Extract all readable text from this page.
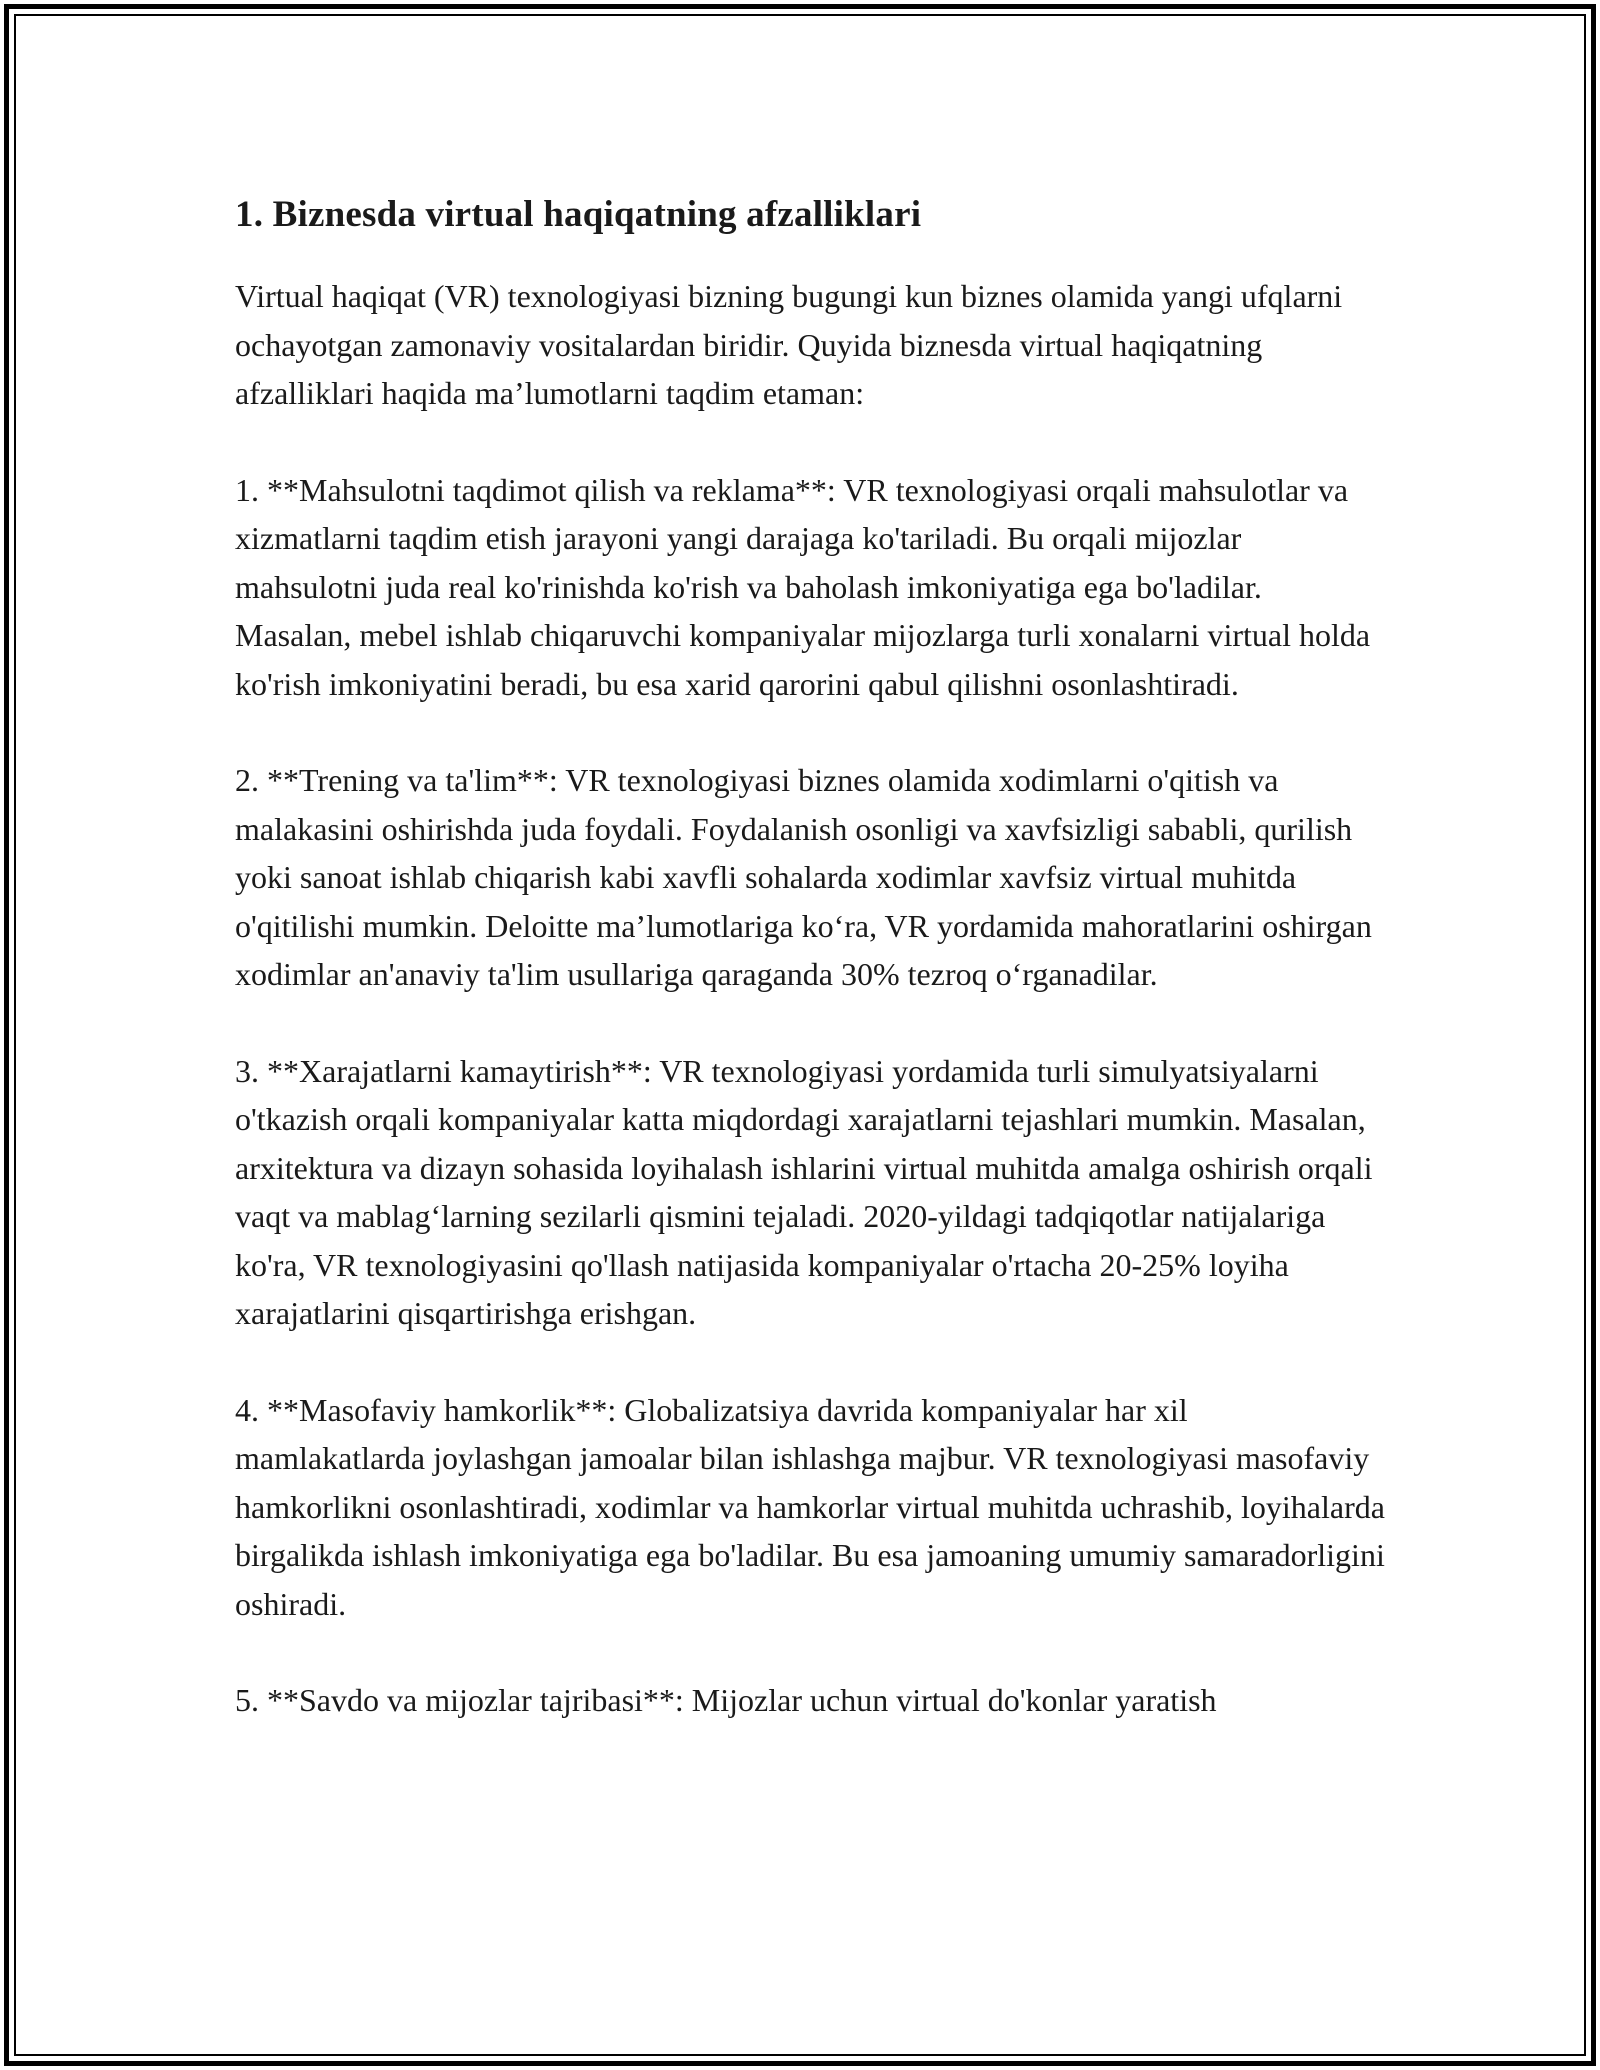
1. Biznesda virtual haqiqatning afzalliklari

Virtual haqiqat (VR) texnologiyasi bizning bugungi kun biznes olamida yangi ufqlarni ochayotgan zamonaviy vositalardan biridir. Quyida biznesda virtual haqiqatning afzalliklari haqida ma’lumotlarni taqdim etaman:

1. **Mahsulotni taqdimot qilish va reklama**: VR texnologiyasi orqali mahsulotlar va xizmatlarni taqdim etish jarayoni yangi darajaga ko'tariladi. Bu orqali mijozlar mahsulotni juda real ko'rinishda ko'rish va baholash imkoniyatiga ega bo'ladilar. Masalan, mebel ishlab chiqaruvchi kompaniyalar mijozlarga turli xonalarni virtual holda ko'rish imkoniyatini beradi, bu esa xarid qarorini qabul qilishni osonlashtiradi.

2. **Trening va ta'lim**: VR texnologiyasi biznes olamida xodimlarni o'qitish va malakasini oshirishda juda foydali. Foydalanish osonligi va xavfsizligi sababli, qurilish yoki sanoat ishlab chiqarish kabi xavfli sohalarda xodimlar xavfsiz virtual muhitda o'qitilishi mumkin. Deloitte ma’lumotlariga ko‘ra, VR yordamida mahoratlarini oshirgan xodimlar an'anaviy ta'lim usullariga qaraganda 30% tezroq o‘rganadilar.

3. **Xarajatlarni kamaytirish**: VR texnologiyasi yordamida turli simulyatsiyalarni o'tkazish orqali kompaniyalar katta miqdordagi xarajatlarni tejashlari mumkin. Masalan, arxitektura va dizayn sohasida loyihalash ishlarini virtual muhitda amalga oshirish orqali vaqt va mablag‘larning sezilarli qismini tejaladi. 2020-yildagi tadqiqotlar natijalariga ko'ra, VR texnologiyasini qo'llash natijasida kompaniyalar o'rtacha 20-25% loyiha xarajatlarini qisqartirishga erishgan.

4. **Masofaviy hamkorlik**: Globalizatsiya davrida kompaniyalar har xil mamlakatlarda joylashgan jamoalar bilan ishlashga majbur. VR texnologiyasi masofaviy hamkorlikni osonlashtiradi, xodimlar va hamkorlar virtual muhitda uchrashib, loyihalarda birgalikda ishlash imkoniyatiga ega bo'ladilar. Bu esa jamoaning umumiy samaradorligini oshiradi.

5. **Savdo va mijozlar tajribasi**: Mijozlar uchun virtual do'konlar yaratish
